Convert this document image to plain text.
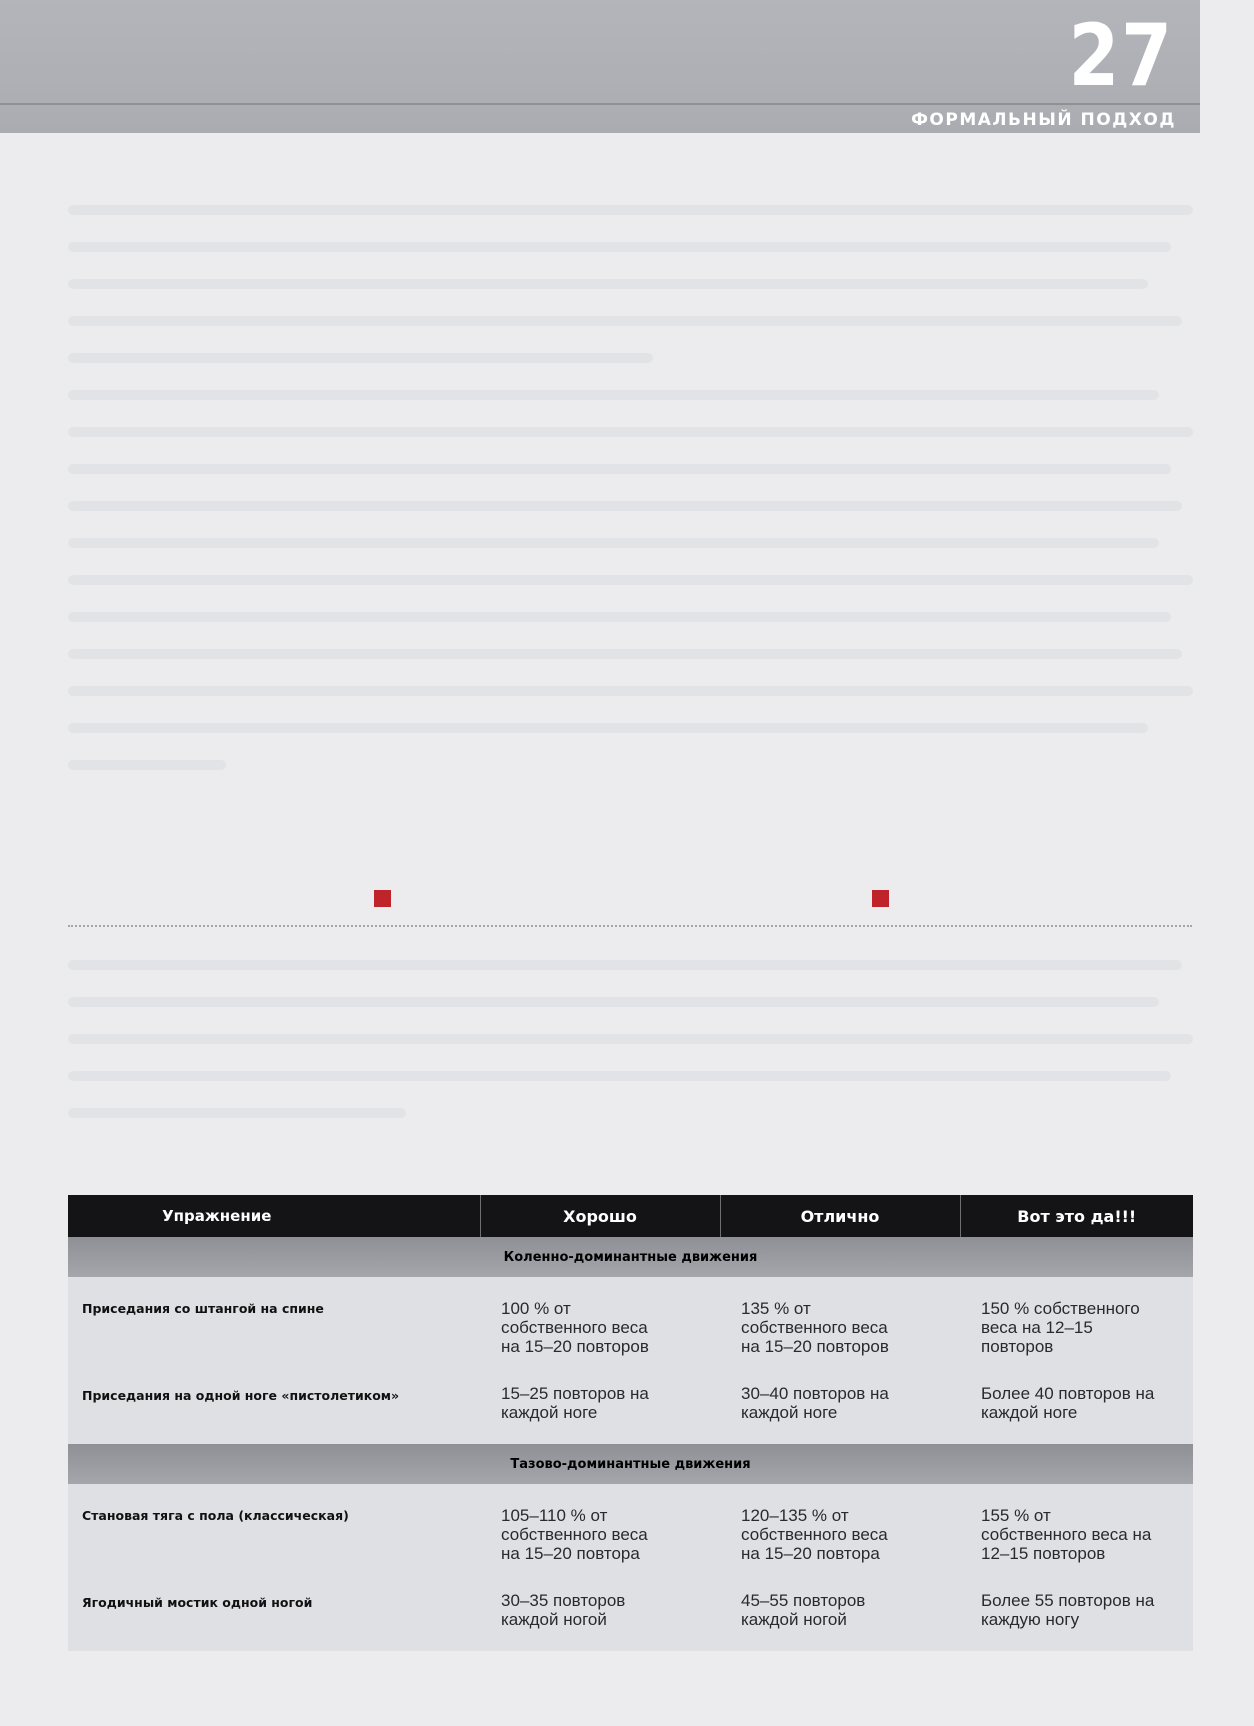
27
ФОРМАЛЬНЫЙ ПОДХОД
Упражнение	Хорошо	Отлично	Вот это да!!!
Коленно-доминантные движения			
Приседания со штангой на спине	100 % от
собственного веса
на 15–20 повторов	135 % от
собственного веса
на 15–20 повторов	150 % собственного
веса на 12–15
повторов

Приседания на одной ноге «пистолетиком»	15–25 повторов на
каждой ноге	30–40 повторов на
каждой ноге	Более 40 повторов на
каждой ноге

Тазово-доминантные движения			
Становая тяга с пола (классическая)	105–110 % от
собственного веса
на 15–20 повтора	120–135 % от
собственного веса
на 15–20 повтора	155 % от
собственного веса на
12–15 повторов

Ягодичный мостик одной ногой	30–35 повторов
каждой ногой	45–55 повторов
каждой ногой	Более 55 повторов на
каждую ногу
